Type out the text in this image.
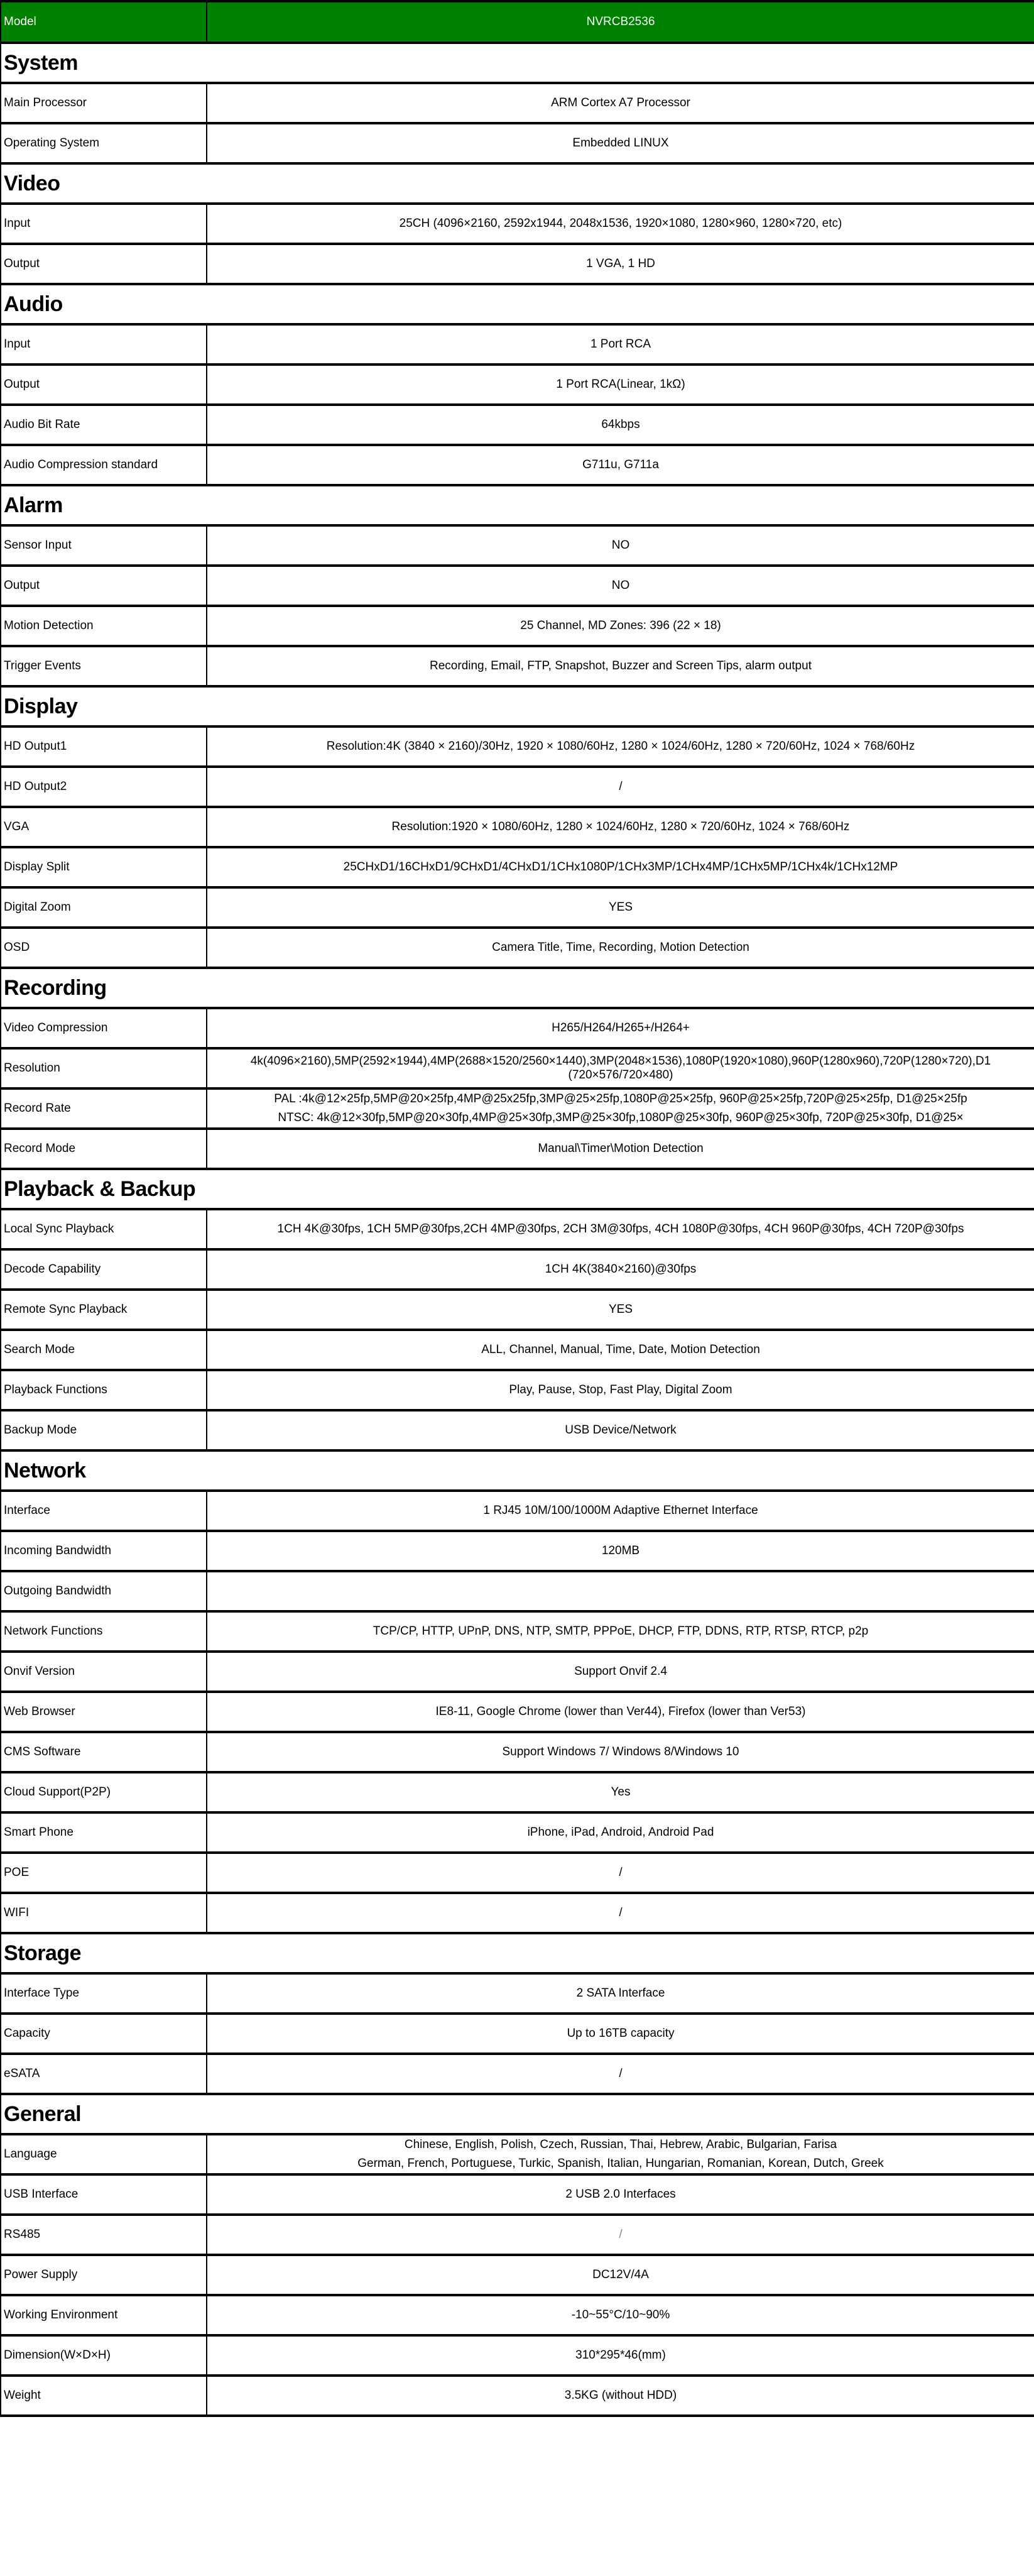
Model	NVRCB2536
System	
Main Processor	ARM Cortex A7 Processor
Operating System	Embedded LINUX
Video	
Input	25CH (4096×2160, 2592x1944, 2048x1536, 1920×1080, 1280×960, 1280×720, etc)
Output	1 VGA, 1 HD
Audio	
Input	1 Port RCA
Output	1 Port RCA(Linear, 1kΩ)
Audio Bit Rate	64kbps
Audio Compression standard	G711u, G711a
Alarm	
Sensor Input	NO
Output	NO
Motion Detection	25 Channel, MD Zones: 396 (22 × 18)
Trigger Events	Recording, Email, FTP, Snapshot, Buzzer and Screen Tips, alarm output
Display	
HD Output1	Resolution:4K (3840 × 2160)/30Hz, 1920 × 1080/60Hz, 1280 × 1024/60Hz, 1280 × 720/60Hz, 1024 × 768/60Hz
HD Output2	/
VGA	Resolution:1920 × 1080/60Hz, 1280 × 1024/60Hz, 1280 × 720/60Hz, 1024 × 768/60Hz
Display Split	25CHxD1/16CHxD1/9CHxD1/4CHxD1/1CHx1080P/1CHx3MP/1CHx4MP/1CHx5MP/1CHx4k/1CHx12MP
Digital Zoom	YES
OSD	Camera Title, Time, Recording, Motion Detection
Recording	
Video Compression	H265/H264/H265+/H264+
Resolution	4k(4096×2160),5MP(2592×1944),4MP(2688×1520/2560×1440),3MP(2048×1536),1080P(1920×1080),960P(1280x960),720P(1280×720),D1 (720×576/720×480)
Record Rate	PAL :4k@12×25fp,5MP@20×25fp,4MP@25x25fp,3MP@25×25fp,1080P@25×25fp, 960P@25×25fp,720P@25×25fp, D1@25×25fp
NTSC: 4k@12×30fp,5MP@20×30fp,4MP@25×30fp,3MP@25×30fp,1080P@25×30fp, 960P@25×30fp, 720P@25×30fp, D1@25×
Record Mode	Manual\Timer\Motion Detection
Playback & Backup	
Local Sync Playback	1CH 4K@30fps, 1CH 5MP@30fps,2CH 4MP@30fps, 2CH 3M@30fps, 4CH 1080P@30fps, 4CH 960P@30fps, 4CH 720P@30fps
Decode Capability	1CH 4K(3840×2160)@30fps
Remote Sync Playback	YES
Search Mode	ALL, Channel, Manual, Time, Date, Motion Detection
Playback Functions	Play, Pause, Stop, Fast Play, Digital Zoom
Backup Mode	USB Device/Network
Network	
Interface	1 RJ45 10M/100/1000M Adaptive Ethernet Interface
Incoming Bandwidth	120MB
Outgoing Bandwidth	
Network Functions	TCP/CP, HTTP, UPnP, DNS, NTP, SMTP, PPPoE, DHCP, FTP, DDNS, RTP, RTSP, RTCP, p2p
Onvif Version	Support Onvif 2.4
Web Browser	IE8-11, Google Chrome (lower than Ver44), Firefox (lower than Ver53)
CMS Software	Support Windows 7/ Windows 8/Windows 10
Cloud Support(P2P)	Yes
Smart Phone	iPhone, iPad, Android, Android Pad
POE	/
WIFI	/
Storage	
Interface Type	2 SATA Interface
Capacity	Up to 16TB capacity
eSATA	/
General	
Language	Chinese, English, Polish, Czech, Russian, Thai, Hebrew, Arabic, Bulgarian, Farisa
German, French, Portuguese, Turkic, Spanish, Italian, Hungarian, Romanian, Korean, Dutch, Greek
USB Interface	2 USB 2.0 Interfaces
RS485	/
Power Supply	DC12V/4A
Working Environment	-10~55°C/10~90%
Dimension(W×D×H)	310*295*46(mm)
Weight	3.5KG (without HDD)
